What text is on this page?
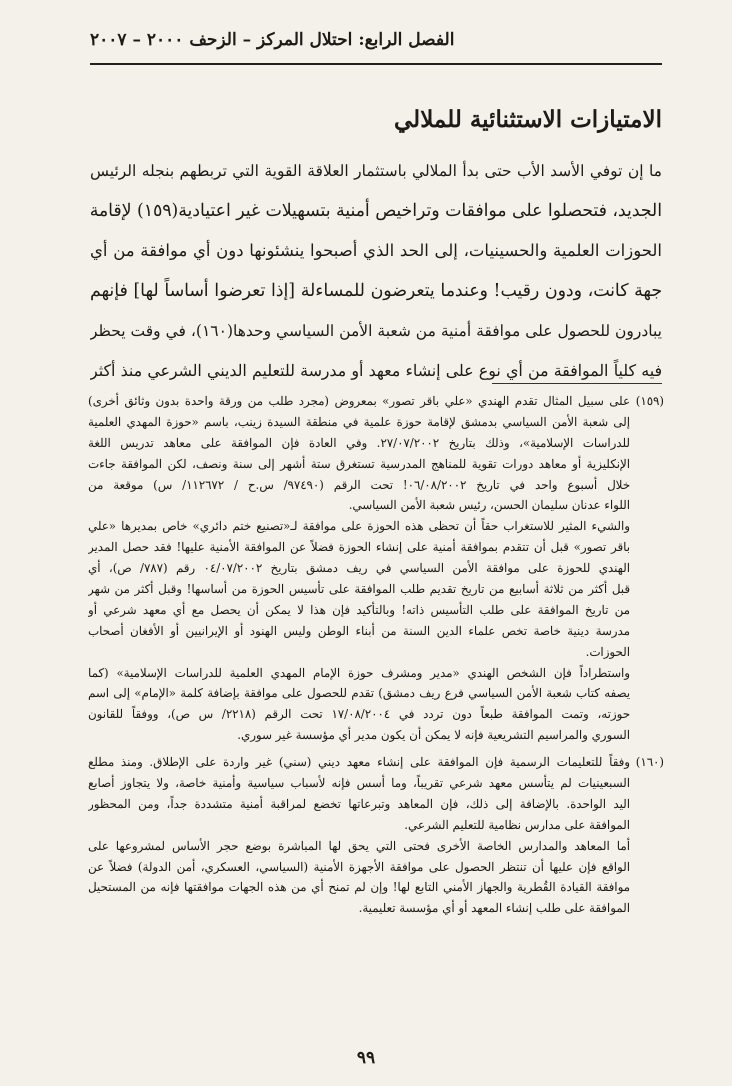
الفصل الرابع: احتلال المركز – الزحف ٢٠٠٠ – ٢٠٠٧
الامتيازات الاستثنائية للملالي
ما إن توفي الأسد الأب حتى بدأ الملالي باستثمار العلاقة القوية التي تربطهم بنجله الرئيس
الجديد، فتحصلوا على موافقات وتراخيص أمنية بتسهيلات غير اعتيادية(١٥٩) لإقامة
الحوزات العلمية والحسينيات، إلى الحد الذي أصبحوا ينشئونها دون أي موافقة من أي
جهة كانت، ودون رقيب! وعندما يتعرضون للمساءلة [إذا تعرضوا أساساً لها] فإنهم
يبادرون للحصول على موافقة أمنية من شعبة الأمن السياسي وحدها(١٦٠)، في وقت يحظر
فيه كلياً الموافقة من أي نوع على إنشاء معهد أو مدرسة للتعليم الديني الشرعي منذ أكثر
(١٥٩)على سبيل المثال تقدم الهندي «علي باقر تصور» بمعروض (مجرد طلب من ورقة واحدة بدون وثائق أخرى)
إلى شعبة الأمن السياسي بدمشق لإقامة حوزة علمية في منطقة السيدة زينب، باسم «حوزة المهدي العلمية
للدراسات الإسلامية»، وذلك بتاريخ ٢٧/٠٧/٢٠٠٢. وفي العادة فإن الموافقة على معاهد تدريس اللغة
الإنكليزية أو معاهد دورات تقوية للمناهج المدرسية تستغرق ستة أشهر إلى سنة ونصف، لكن الموافقة جاءت
خلال أسبوع واحد في تاريخ ٠٦/٠٨/٢٠٠٢! تحت الرقم (٩٧٤٩٠/ س.ح / ١١٢٦٧٢/ س) موقعة من
اللواء عدنان سليمان الحسن، رئيس شعبة الأمن السياسي.
والشيء المثير للاستغراب حقاً أن تحظى هذه الحوزة على موافقة لـ«تصنيع ختم دائري» خاص بمديرها «علي
باقر تصور» قبل أن تتقدم بموافقة أمنية على إنشاء الحوزة فضلاً عن الموافقة الأمنية عليها! فقد حصل المدير
الهندي للحوزة على موافقة الأمن السياسي في ريف دمشق بتاريخ ٠٤/٠٧/٢٠٠٢ رقم (٧٨٧/ ص)، أي
قبل أكثر من ثلاثة أسابيع من تاريخ تقديم طلب الموافقة على تأسيس الحوزة من أساسها! وقبل أكثر من شهر
من تاريخ الموافقة على طلب التأسيس ذاته! وبالتأكيد فإن هذا لا يمكن أن يحصل مع أي معهد شرعي أو
مدرسة دينية خاصة تخص علماء الدين السنة من أبناء الوطن وليس الهنود أو الإيرانيين أو الأفغان أصحاب
الحوزات.
واستطراداً فإن الشخص الهندي «مدير ومشرف حوزة الإمام المهدي العلمية للدراسات الإسلامية» (كما
يصفه كتاب شعبة الأمن السياسي فرع ريف دمشق) تقدم للحصول على موافقة بإضافة كلمة «الإمام» إلى اسم
حوزته، وتمت الموافقة طبعاً دون تردد في ١٧/٠٨/٢٠٠٤ تحت الرقم (٢٢١٨/ س ص)، ووفقاً للقانون
السوري والمراسيم التشريعية فإنه لا يمكن أن يكون مدير أي مؤسسة غير سوري.
(١٦٠)وفقاً للتعليمات الرسمية فإن الموافقة على إنشاء معهد ديني (سني) غير واردة على الإطلاق. ومنذ مطلع
السبعينيات لم يتأسس معهد شرعي تقريباً، وما أسس فإنه لأسباب سياسية وأمنية خاصة، ولا يتجاوز أصابع
اليد الواحدة. بالإضافة إلى ذلك، فإن المعاهد وتبرعاتها تخضع لمراقبة أمنية متشددة جداً، ومن المحظور
الموافقة على مدارس نظامية للتعليم الشرعي.
أما المعاهد والمدارس الخاصة الأخرى فحتى التي يحق لها المباشرة بوضع حجر الأساس لمشروعها على
الواقع فإن عليها أن تنتظر الحصول على موافقة الأجهزة الأمنية (السياسي، العسكري، أمن الدولة) فضلاً عن
موافقة القيادة القُطرية والجهاز الأمني التابع لها! وإن لم تمنح أي من هذه الجهات موافقتها فإنه من المستحيل
الموافقة على طلب إنشاء المعهد أو أي مؤسسة تعليمية.
٩٩
